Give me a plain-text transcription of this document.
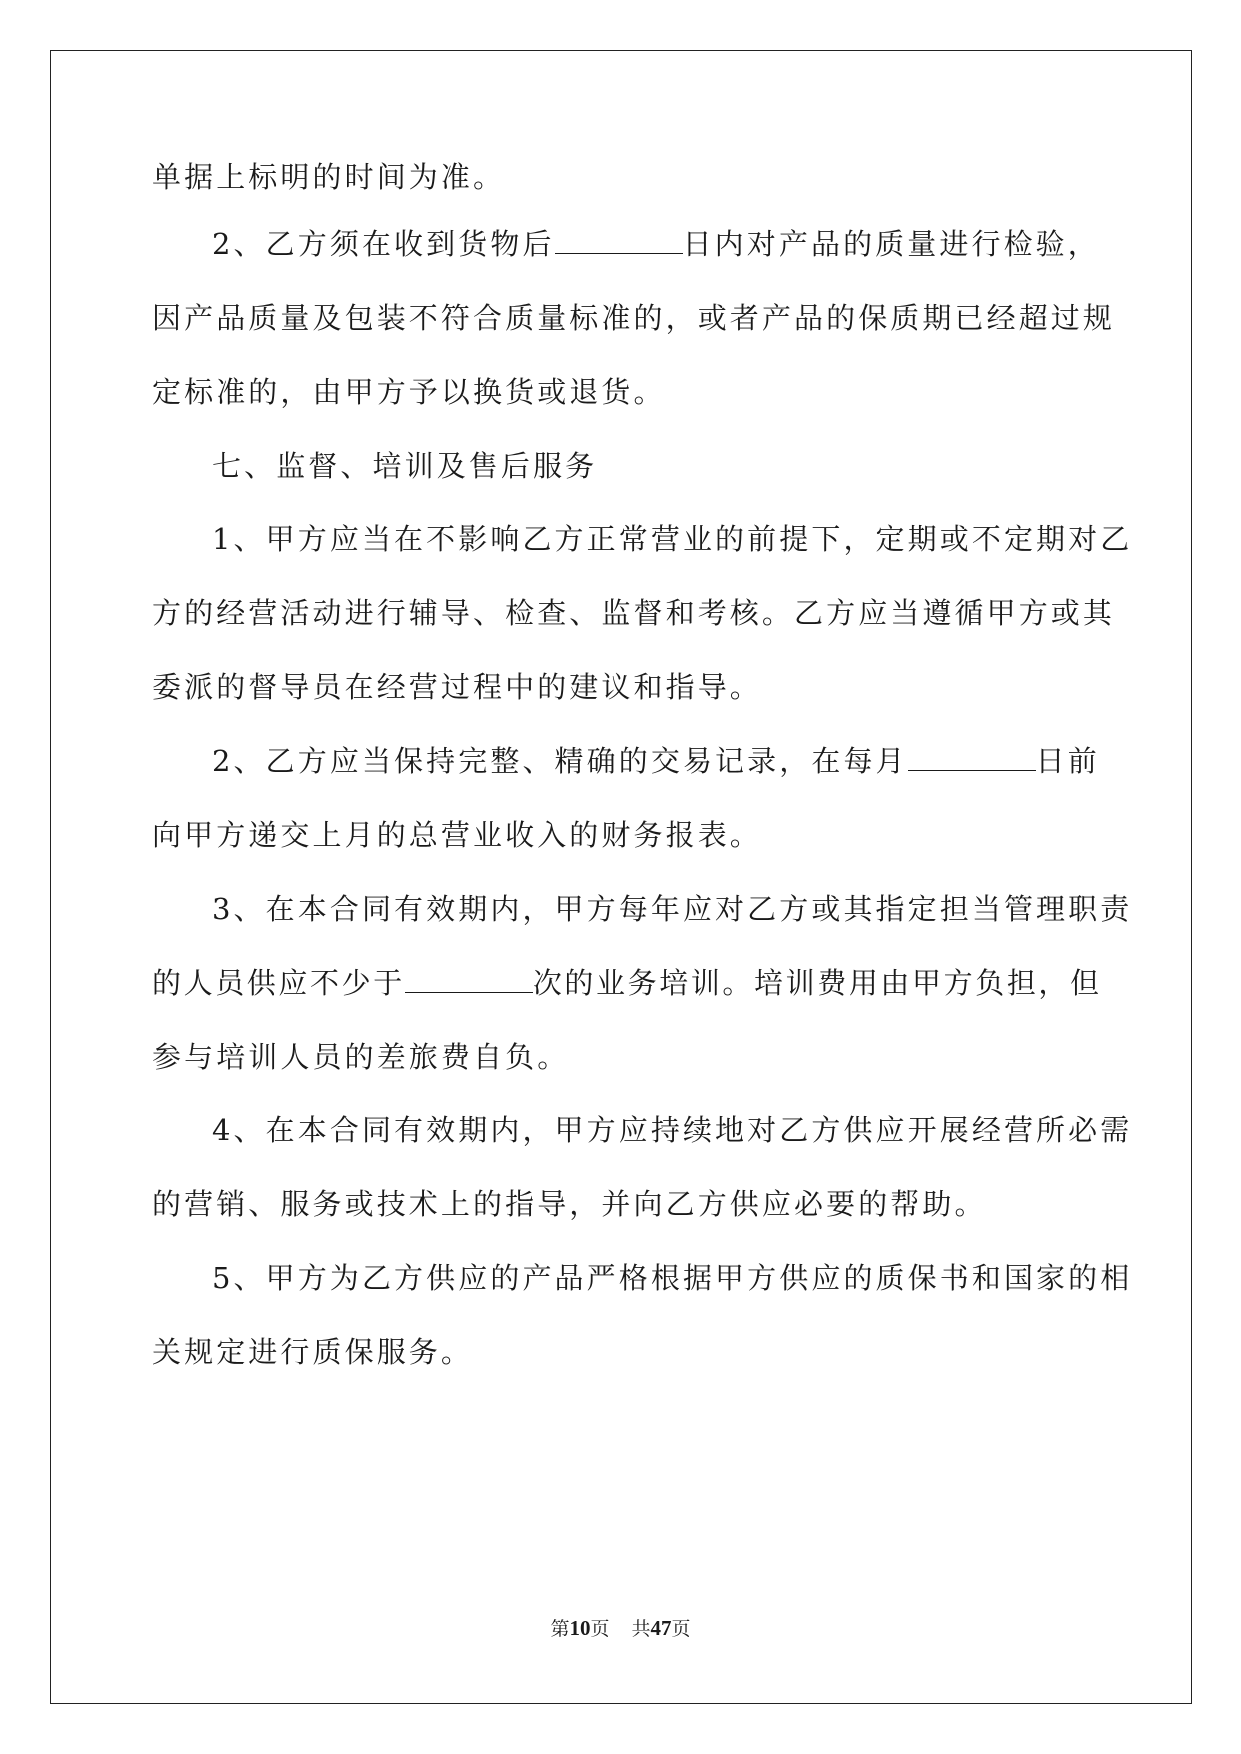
单据上标明的时间为准。
2、乙方须在收到货物后	日内对产品的质量进行检验，
因产品质量及包装不符合质量标准的，或者产品的保质期已经超过规
定标准的，由甲方予以换货或退货。
七、监督、培训及售后服务
1、甲方应当在不影响乙方正常营业的前提下，定期或不定期对乙
方的经营活动进行辅导、检查、监督和考核。乙方应当遵循甲方或其
委派的督导员在经营过程中的建议和指导。
2、乙方应当保持完整、精确的交易记录，在每月	日前
向甲方递交上月的总营业收入的财务报表。
3、在本合同有效期内，甲方每年应对乙方或其指定担当管理职责
的人员供应不少于	次的业务培训。培训费用由甲方负担，但
参与培训人员的差旅费自负。
4、在本合同有效期内，甲方应持续地对乙方供应开展经营所必需
的营销、服务或技术上的指导，并向乙方供应必要的帮助。
5、甲方为乙方供应的产品严格根据甲方供应的质保书和国家的相
关规定进行质保服务。
第10页 共47页
